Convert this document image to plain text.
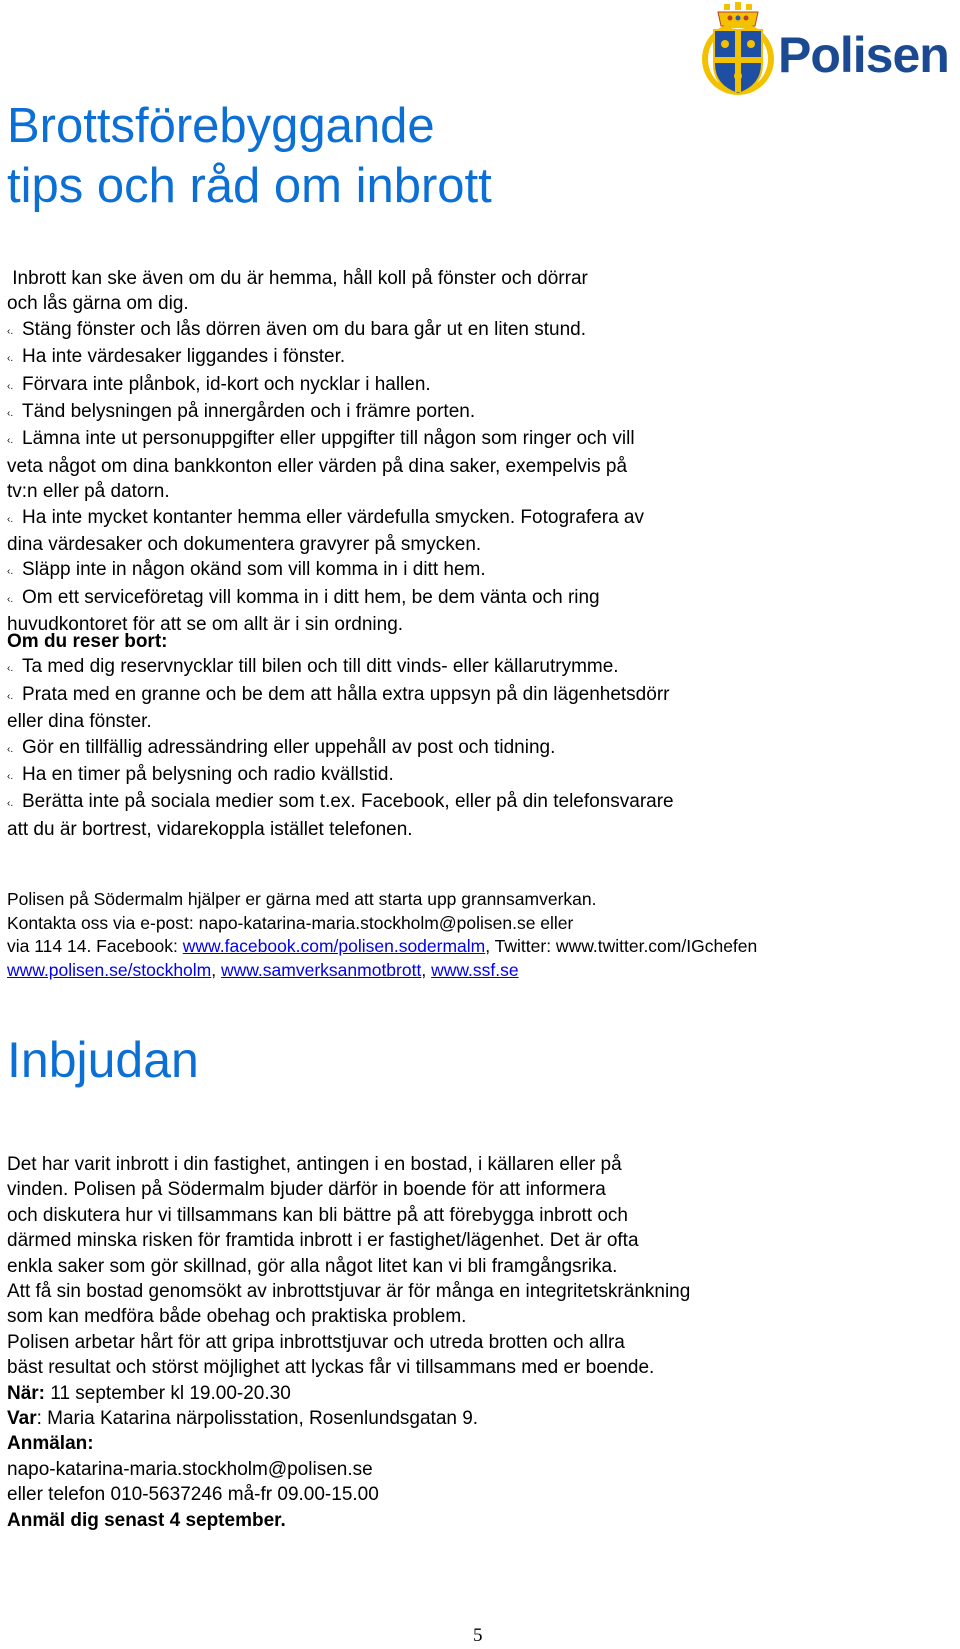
Polisen
Brottsförebyggande
tips och råd om inbrott

Inbrott kan ske även om du är hemma, håll koll på fönster och dörrar

och lås gärna om dig.

‹. Stäng fönster och lås dörren även om du bara går ut en liten stund.

‹. Ha inte värdesaker liggandes i fönster.

‹. Förvara inte plånbok, id-kort och nycklar i hallen.

‹. Tänd belysningen på innergården och i främre porten.

‹. Lämna inte ut personuppgifter eller uppgifter till någon som ringer och vill

veta något om dina bankkonton eller värden på dina saker, exempelvis på

tv:n eller på datorn.

‹. Ha inte mycket kontanter hemma eller värdefulla smycken. Fotografera av

dina värdesaker och dokumentera gravyrer på smycken.

‹. Släpp inte in någon okänd som vill komma in i ditt hem.

‹. Om ett serviceföretag vill komma in i ditt hem, be dem vänta och ring

huvudkontoret för att se om allt är i sin ordning.

Om du reser bort:

‹. Ta med dig reservnycklar till bilen och till ditt vinds- eller källarutrymme.

‹. Prata med en granne och be dem att hålla extra uppsyn på din lägenhetsdörr

eller dina fönster.

‹. Gör en tillfällig adressändring eller uppehåll av post och tidning.

‹. Ha en timer på belysning och radio kvällstid.

‹. Berätta inte på sociala medier som t.ex. Facebook, eller på din telefonsvarare

att du är bortrest, vidarekoppla istället telefonen.

Polisen på Södermalm hjälper er gärna med att starta upp grannsamverkan.

Kontakta oss via e-post: napo-katarina-maria.stockholm@polisen.se eller

via 114 14. Facebook: www.facebook.com/polisen.sodermalm, Twitter: www.twitter.com/IGchefen

www.polisen.se/stockholm, www.samverksanmotbrott, www.ssf.se

Inbjudan

Det har varit inbrott i din fastighet, antingen i en bostad, i källaren eller på

vinden. Polisen på Södermalm bjuder därför in boende för att informera

och diskutera hur vi tillsammans kan bli bättre på att förebygga inbrott och

därmed minska risken för framtida inbrott i er fastighet/lägenhet. Det är ofta

enkla saker som gör skillnad, gör alla något litet kan vi bli framgångsrika.

Att få sin bostad genomsökt av inbrottstjuvar är för många en integritetskränkning

som kan medföra både obehag och praktiska problem.

Polisen arbetar hårt för att gripa inbrottstjuvar och utreda brotten och allra

bäst resultat och störst möjlighet att lyckas får vi tillsammans med er boende.

När: 11 september kl 19.00-20.30

Var: Maria Katarina närpolisstation, Rosenlundsgatan 9.

Anmälan:

napo-katarina-maria.stockholm@polisen.se

eller telefon 010-5637246 må-fr 09.00-15.00

Anmäl dig senast 4 september.

5
